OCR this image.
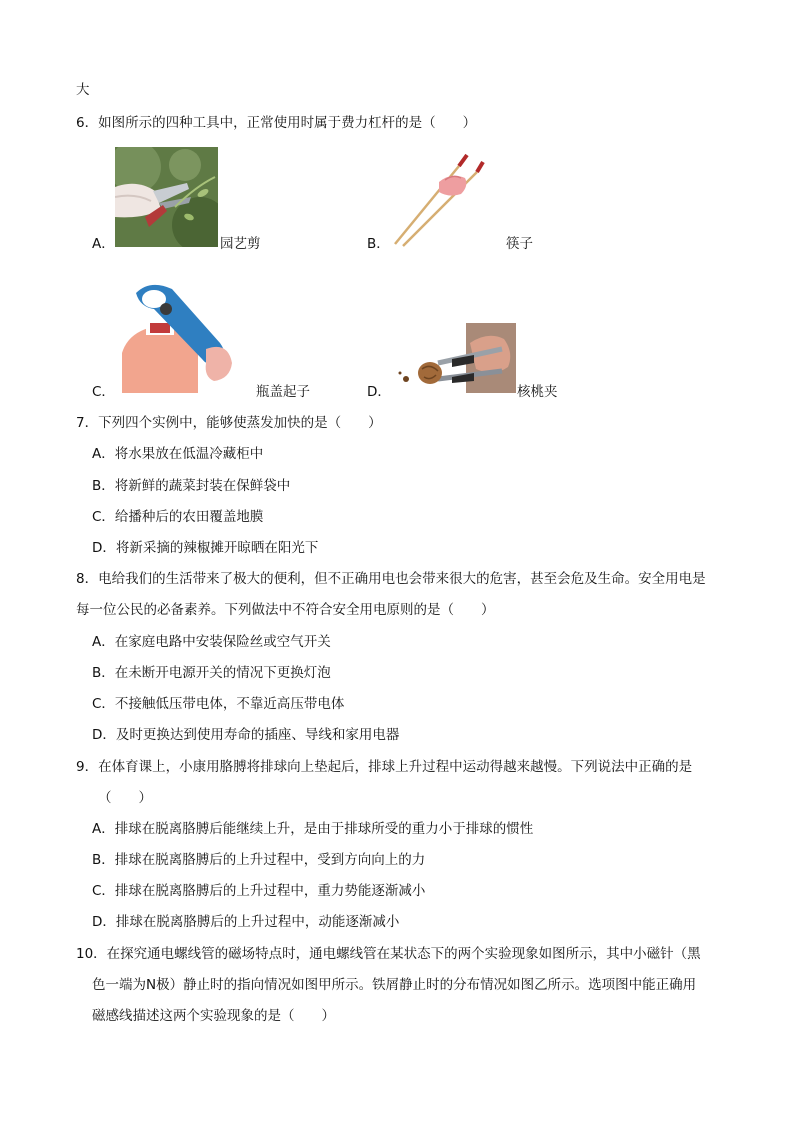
大
6．如图所示的四种工具中，正常使用时属于费力杠杆的是（　　）
A．	园艺剪	B．	筷子
C．	瓶盖起子	D．	核桃夹
7．下列四个实例中，能够使蒸发加快的是（　　）
A．将水果放在低温冷藏柜中
B．将新鲜的蔬菜封装在保鲜袋中
C．给播种后的农田覆盖地膜
D．将新采摘的辣椒摊开晾晒在阳光下
8．电给我们的生活带来了极大的便利，但不正确用电也会带来很大的危害，甚至会危及生命。安全用电是
每一位公民的必备素养。下列做法中不符合安全用电原则的是（　　）
A．在家庭电路中安装保险丝或空气开关
B．在未断开电源开关的情况下更换灯泡
C．不接触低压带电体，不靠近高压带电体
D．及时更换达到使用寿命的插座、导线和家用电器
9．在体育课上，小康用胳膊将排球向上垫起后，排球上升过程中运动得越来越慢。下列说法中正确的是
（　　）
A．排球在脱离胳膊后能继续上升，是由于排球所受的重力小于排球的惯性
B．排球在脱离胳膊后的上升过程中，受到方向向上的力
C．排球在脱离胳膊后的上升过程中，重力势能逐渐减小
D．排球在脱离胳膊后的上升过程中，动能逐渐减小
10．在探究通电螺线管的磁场特点时，通电螺线管在某状态下的两个实验现象如图所示，其中小磁针（黑
色一端为N极）静止时的指向情况如图甲所示。铁屑静止时的分布情况如图乙所示。选项图中能正确用
磁感线描述这两个实验现象的是（　　）
